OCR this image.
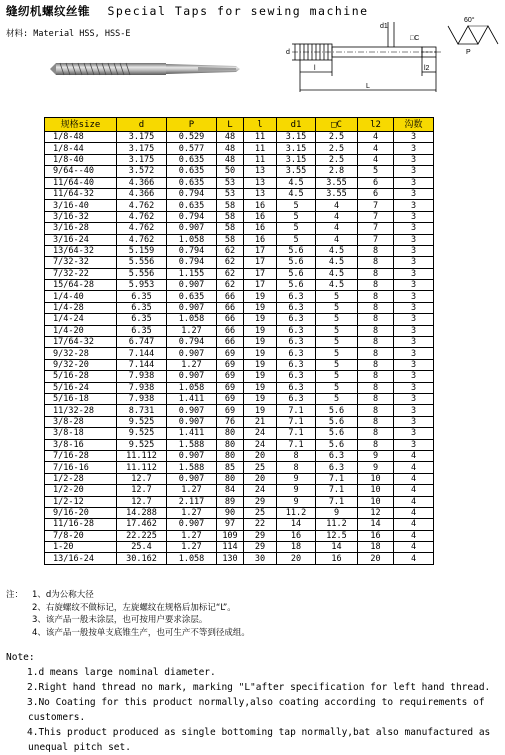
缝纫机螺纹丝锥 Special Taps for sewing machine
材料: Material HSS, HSS-E
d
d1
□C
l	l2
L
60°
P
规格size	d	P	L	l	d1	□C	l2	沟数
1/8-48	3.175	0.529	48	11	3.15	2.5	4	3
1/8-44	3.175	0.577	48	11	3.15	2.5	4	3
1/8-40	3.175	0.635	48	11	3.15	2.5	4	3
9/64--40	3.572	0.635	50	13	3.55	2.8	5	3
11/64-40	4.366	0.635	53	13	4.5	3.55	6	3
11/64-32	4.366	0.794	53	13	4.5	3.55	6	3
3/16-40	4.762	0.635	58	16	5	4	7	3
3/16-32	4.762	0.794	58	16	5	4	7	3
3/16-28	4.762	0.907	58	16	5	4	7	3
3/16-24	4.762	1.058	58	16	5	4	7	3
13/64-32	5.159	0.794	62	17	5.6	4.5	8	3
7/32-32	5.556	0.794	62	17	5.6	4.5	8	3
7/32-22	5.556	1.155	62	17	5.6	4.5	8	3
15/64-28	5.953	0.907	62	17	5.6	4.5	8	3
1/4-40	6.35	0.635	66	19	6.3	5	8	3
1/4-28	6.35	0.907	66	19	6.3	5	8	3
1/4-24	6.35	1.058	66	19	6.3	5	8	3
1/4-20	6.35	1.27	66	19	6.3	5	8	3
17/64-32	6.747	0.794	66	19	6.3	5	8	3
9/32-28	7.144	0.907	69	19	6.3	5	8	3
9/32-20	7.144	1.27	69	19	6.3	5	8	3
5/16-28	7.938	0.907	69	19	6.3	5	8	3
5/16-24	7.938	1.058	69	19	6.3	5	8	3
5/16-18	7.938	1.411	69	19	6.3	5	8	3
11/32-28	8.731	0.907	69	19	7.1	5.6	8	3
3/8-28	9.525	0.907	76	21	7.1	5.6	8	3
3/8-18	9.525	1.411	80	24	7.1	5.6	8	3
3/8-16	9.525	1.588	80	24	7.1	5.6	8	3
7/16-28	11.112	0.907	80	20	8	6.3	9	4
7/16-16	11.112	1.588	85	25	8	6.3	9	4
1/2-28	12.7	0.907	80	20	9	7.1	10	4
1/2-20	12.7	1.27	84	24	9	7.1	10	4
1/2-12	12.7	2.117	89	29	9	7.1	10	4
9/16-20	14.288	1.27	90	25	11.2	9	12	4
11/16-28	17.462	0.907	97	22	14	11.2	14	4
7/8-20	22.225	1.27	109	29	16	12.5	16	4
1-20	25.4	1.27	114	29	18	14	18	4
13/16-24	30.162	1.058	130	30	20	16	20	4
注： 1、d为公称大径
2、右旋螺纹不做标记，左旋螺纹在规格后加标记“L”。
3、该产品一般未涂层，也可按用户要求涂层。
4、该产品一般按单支底锥生产，也可生产不等到径成组。
Note:
1.d means large nominal diameter.
2.Right hand thread no mark, marking "L"after specification for left hand thread.
3.No Coating for this product normally,also coating according to requirements of customers.
4.This product produced as single bottoming tap normally,bat also manufactured as unequal pitch set.
